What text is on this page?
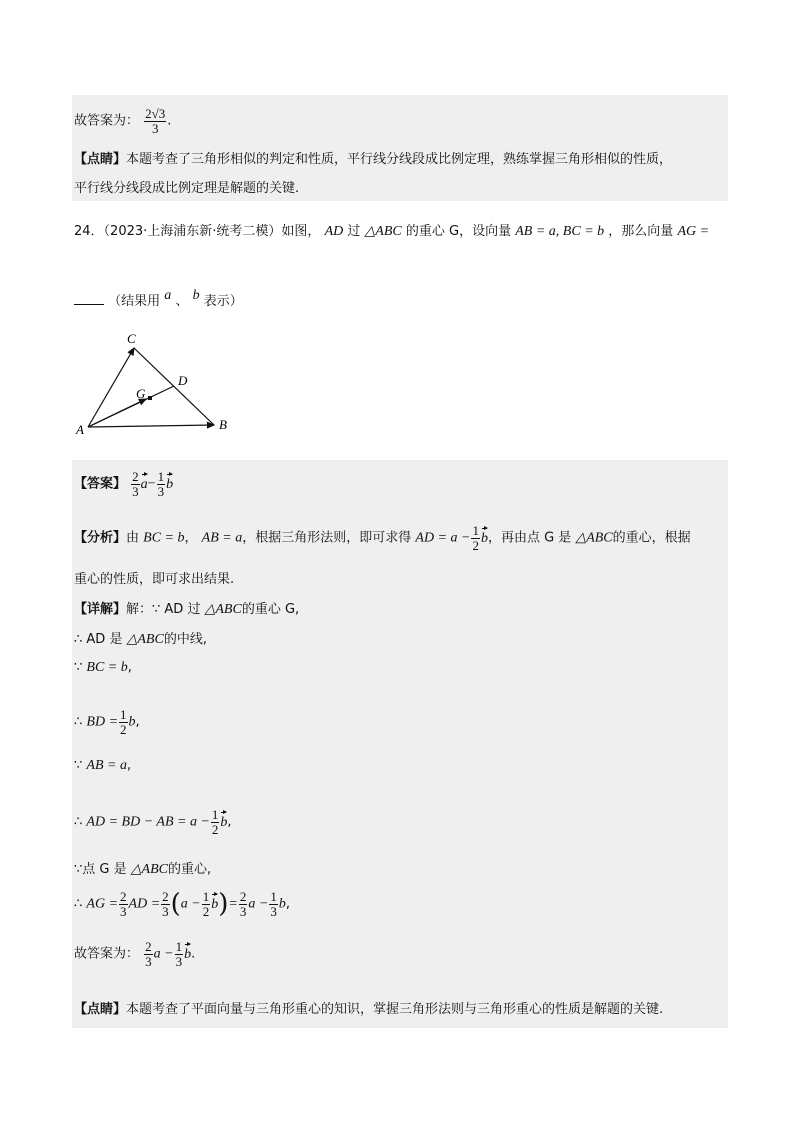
故答案为： $\frac{2√3}{3}$ .
【点睛】本题考查了三角形相似的判定和性质，平行线分线段成比例定理，熟练掌握三角形相似的性质，
平行线分线段成比例定理是解题的关键.
24．（2023·上海浦东新·统考二模）如图， AD 过 △ABC 的重心 G，设向量 AB = a, BC = b ，那么向量 AG =
（结果用 a 、 b 表示）
A	B
C
D
G
【答案】 $\frac{2}{3} a- \frac{1}{3}$ b
【分析】由 BC = b， AB = a，根据三角形法则，即可求得 AD = $a - \frac{1}{2}$ b，再由点 G 是 △ABC的重心，根据
重心的性质，即可求出结果.
【详解】解：∵ AD 过 △ABC的重心 G,
∴ AD 是 △ABC的中线,
∵ BC = b,
∴ BD = $\frac{1}{2} b$,
∵ AB = a,
∴ AD = BD − AB = $a - \frac{1}{2} b$,
∵点 G 是 △ABC的重心,
∴ AG = $\frac{2}{3}$ AD = $\frac{2}{3} (a - \frac{1}{2} b)= \frac{2}{3}$ $a - \frac{1}{3} b$,
故答案为： $\frac{2}{3}$ $a - \frac{1}{3} b$.
【点睛】本题考查了平面向量与三角形重心的知识，掌握三角形法则与三角形重心的性质是解题的关键.
